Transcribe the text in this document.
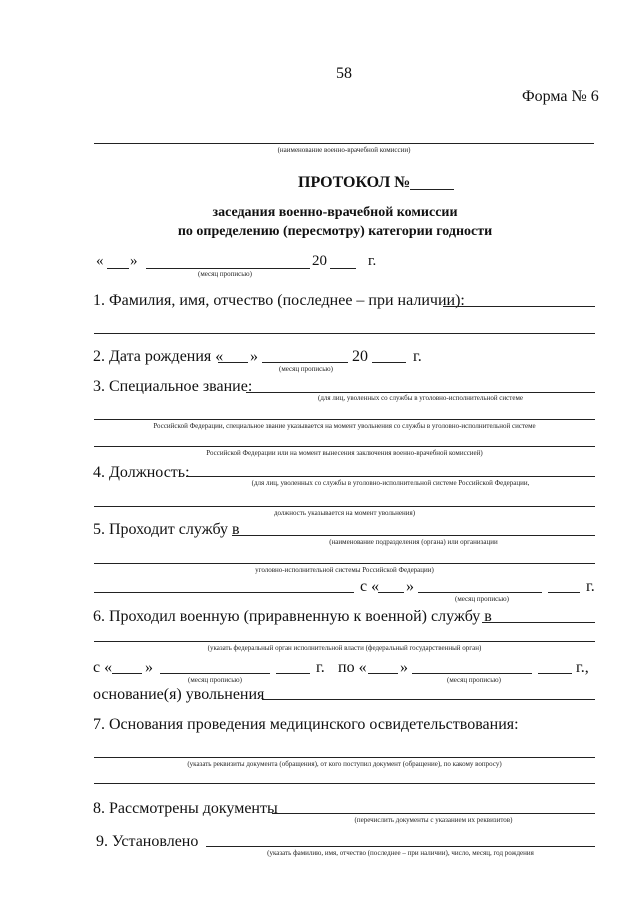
58
Форма № 6
(наименование военно-врачебной комиссии)
ПРОТОКОЛ №
заседания военно-врачебной комиссии
по определению (пересмотру) категории годности
« »	20	г.
(месяц прописью)
1. Фамилия, имя, отчество (последнее – при наличии):
2. Дата рождения « »	20	г.
(месяц прописью)
3. Специальное звание:
(для лиц, уволенных со службы в уголовно-исполнительной системе
Российской Федерации, специальное звание указывается на момент увольнения со службы в уголовно-исполнительной системе
Российской Федерации или на момент вынесения заключения военно-врачебной комиссией)
4. Должность:
(для лиц, уволенных со службы в уголовно-исполнительной системе Российской Федерации,
должность указывается на момент увольнения)
5. Проходит службу в
(наименование подразделения (органа) или организации
уголовно-исполнительной системы Российской Федерации)
с « »	г.
(месяц прописью)
6. Проходил военную (приравненную к военной) службу в
(указать федеральный орган исполнительной власти (федеральный государственный орган)
с « »	г. по « »	г.,
(месяц прописью)	(месяц прописью)
основание(я) увольнения
7. Основания проведения медицинского освидетельствования:
(указать реквизиты документа (обращения), от кого поступил документ (обращение), по какому вопросу)
8. Рассмотрены документы
(перечислить документы с указанием их реквизитов)
9. Установлено
(указать фамилию, имя, отчество (последнее – при наличии), число, месяц, год рождения
